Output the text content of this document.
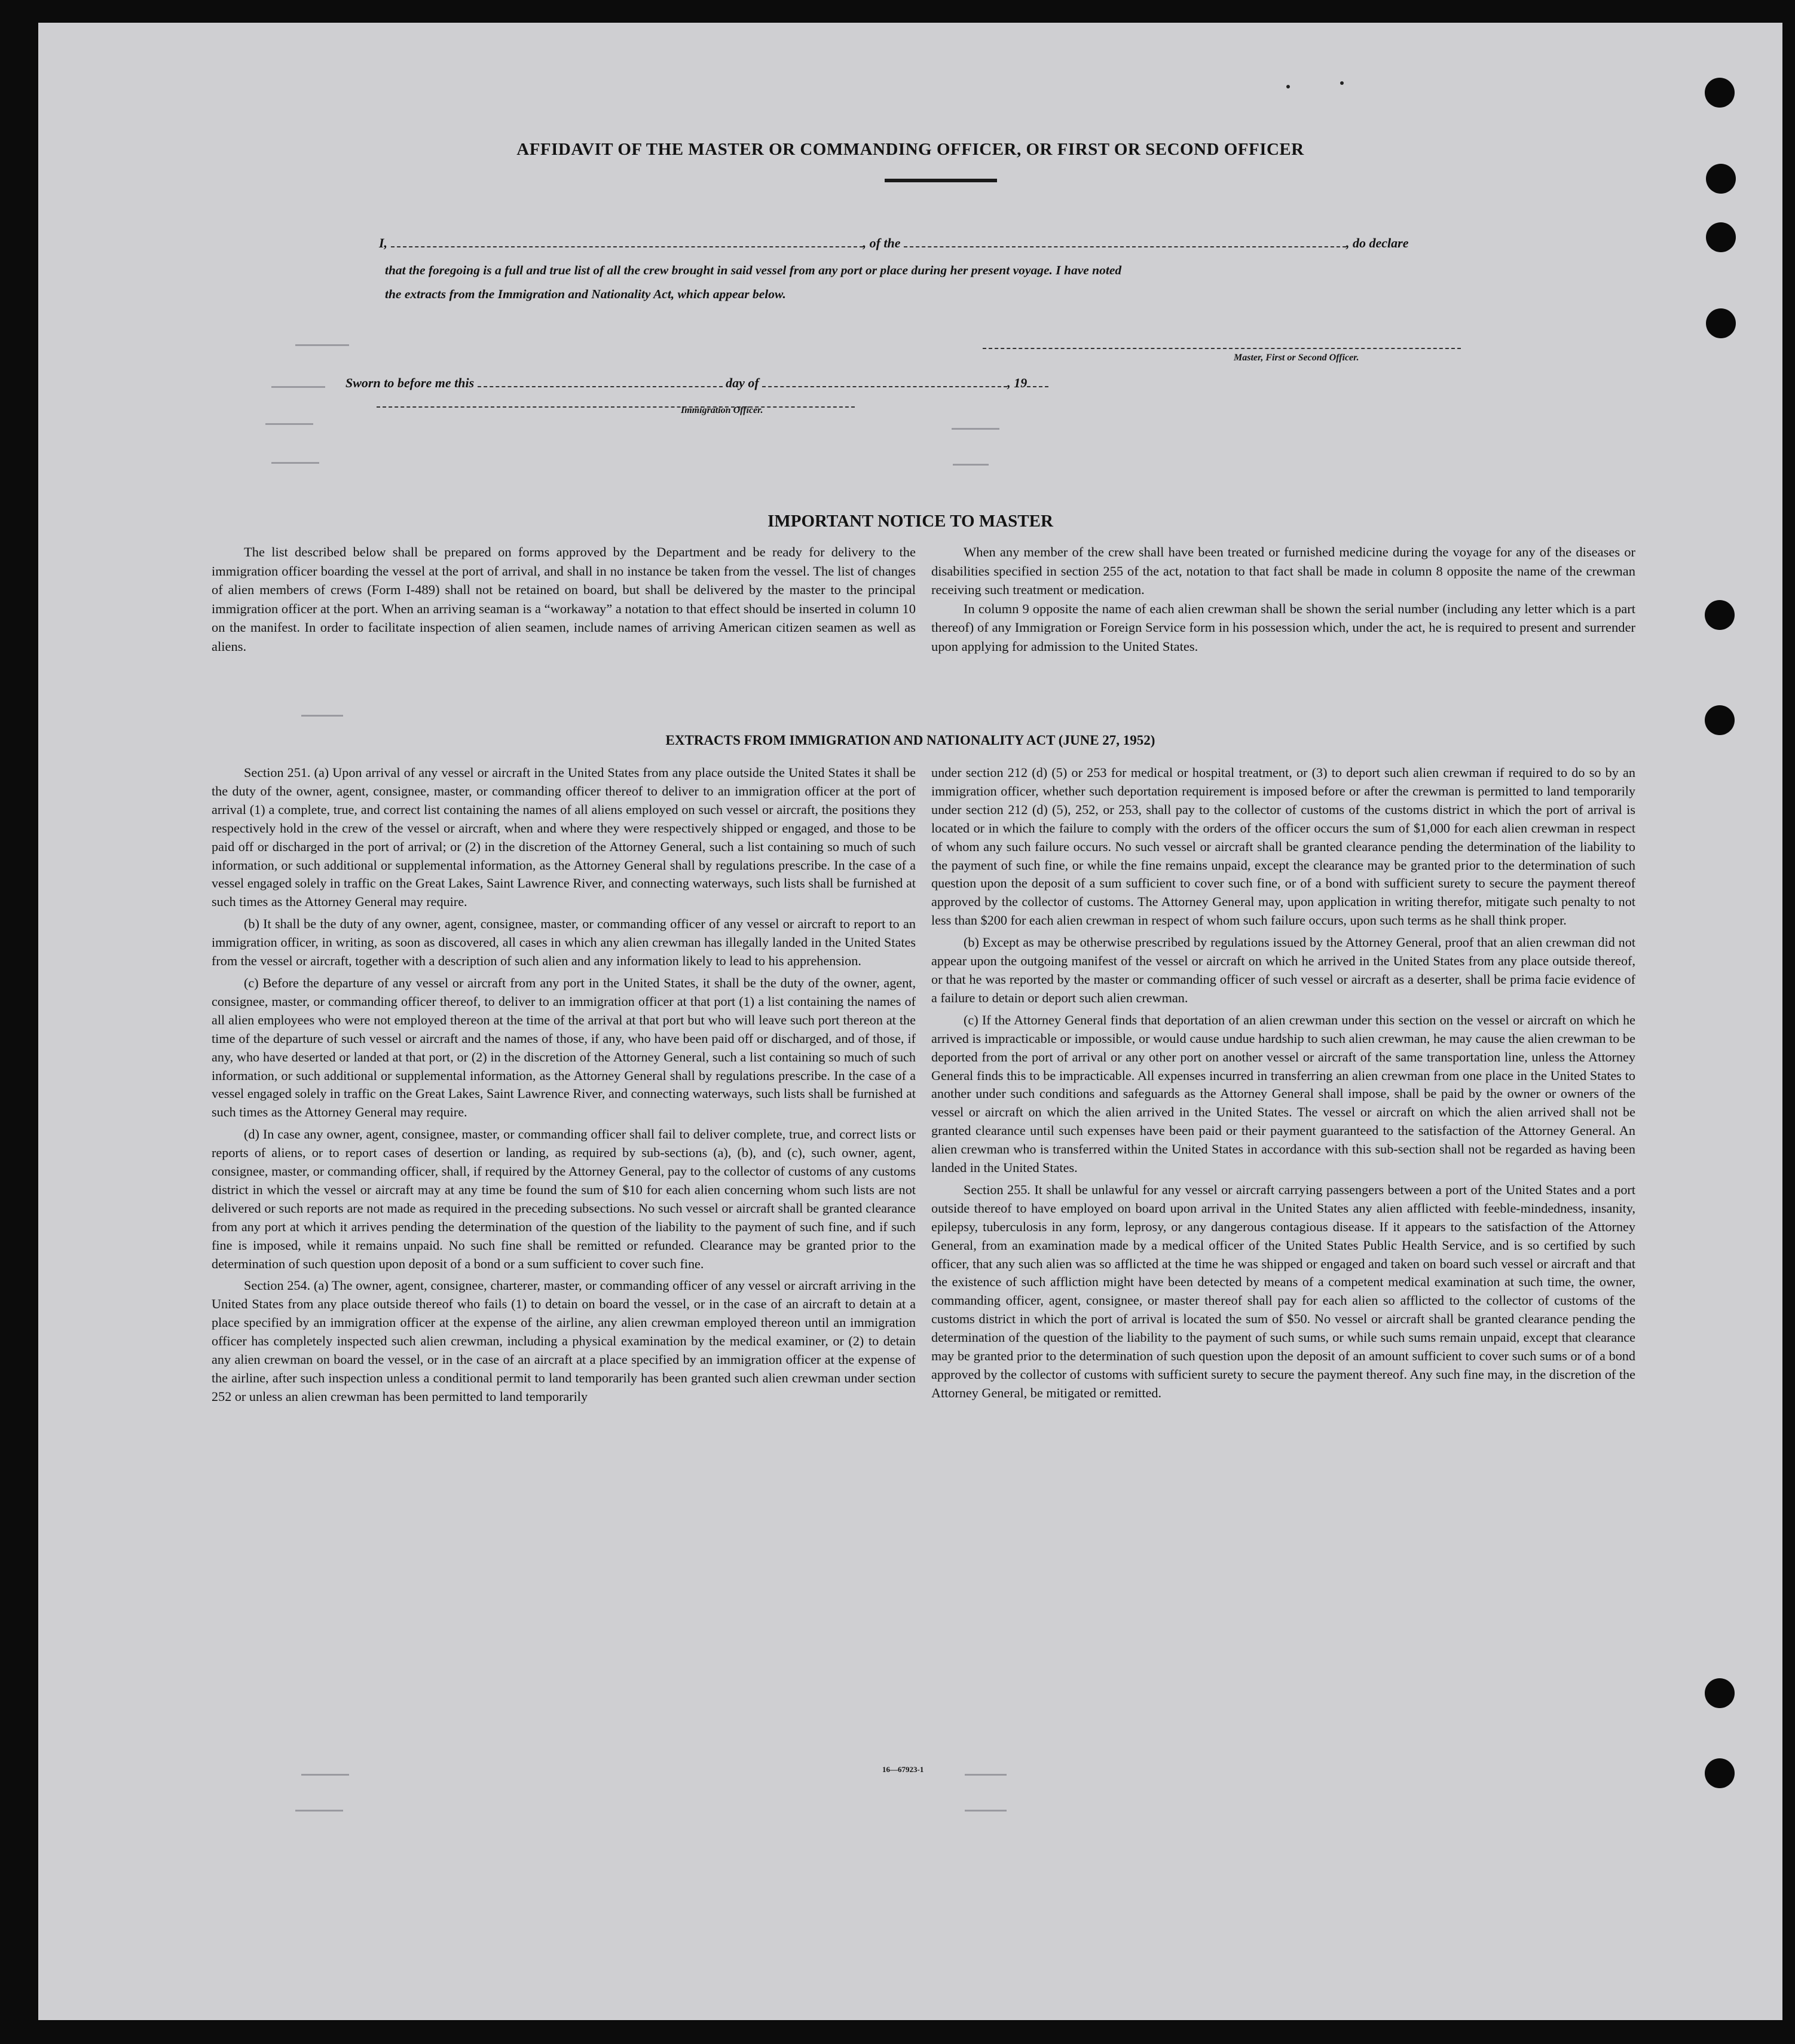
AFFIDAVIT OF THE MASTER OR COMMANDING OFFICER, OR FIRST OR SECOND OFFICER
I,	, of the	, do declare
that the foregoing is a full and true list of all the crew brought in said vessel from any port or place during her present voyage. I have noted
the extracts from the Immigration and Nationality Act, which appear below.
Master, First or Second Officer.
Sworn to before me this	day of	, 19
Immigration Officer.
IMPORTANT NOTICE TO MASTER

The list described below shall be prepared on forms approved by the Department and be ready for delivery to the immigration officer boarding the vessel at the port of arrival, and shall in no instance be taken from the vessel. The list of changes of alien members of crews (Form I-489) shall not be retained on board, but shall be delivered by the master to the principal immigration officer at the port. When an arriving seaman is a “workaway” a notation to that effect should be inserted in column 10 on the manifest. In order to facilitate inspection of alien seamen, include names of arriving American citizen seamen as well as aliens.

When any member of the crew shall have been treated or furnished medicine during the voyage for any of the diseases or disabilities specified in section 255 of the act, notation to that fact shall be made in column 8 opposite the name of the crewman receiving such treatment or medication.

In column 9 opposite the name of each alien crewman shall be shown the serial number (including any letter which is a part thereof) of any Immigration or Foreign Service form in his possession which, under the act, he is required to present and surrender upon applying for admission to the United States.

EXTRACTS FROM IMMIGRATION AND NATIONALITY ACT (JUNE 27, 1952)

Section 251. (a) Upon arrival of any vessel or aircraft in the United States from any place outside the United States it shall be the duty of the owner, agent, consignee, master, or commanding officer thereof to deliver to an immigration officer at the port of arrival (1) a complete, true, and correct list containing the names of all aliens employed on such vessel or aircraft, the positions they respectively hold in the crew of the vessel or aircraft, when and where they were respectively shipped or engaged, and those to be paid off or discharged in the port of arrival; or (2) in the discretion of the Attorney General, such a list containing so much of such information, or such additional or supplemental information, as the Attorney General shall by regulations prescribe. In the case of a vessel engaged solely in traffic on the Great Lakes, Saint Lawrence River, and connecting waterways, such lists shall be furnished at such times as the Attorney General may require.

(b) It shall be the duty of any owner, agent, consignee, master, or commanding officer of any vessel or aircraft to report to an immigration officer, in writing, as soon as discovered, all cases in which any alien crewman has illegally landed in the United States from the vessel or aircraft, together with a description of such alien and any information likely to lead to his apprehension.

(c) Before the departure of any vessel or aircraft from any port in the United States, it shall be the duty of the owner, agent, consignee, master, or commanding officer thereof, to deliver to an immigration officer at that port (1) a list containing the names of all alien employees who were not employed thereon at the time of the arrival at that port but who will leave such port thereon at the time of the departure of such vessel or aircraft and the names of those, if any, who have been paid off or discharged, and of those, if any, who have deserted or landed at that port, or (2) in the discretion of the Attorney General, such a list containing so much of such information, or such additional or supplemental information, as the Attorney General shall by regulations prescribe. In the case of a vessel engaged solely in traffic on the Great Lakes, Saint Lawrence River, and connecting waterways, such lists shall be furnished at such times as the Attorney General may require.

(d) In case any owner, agent, consignee, master, or commanding officer shall fail to deliver complete, true, and correct lists or reports of aliens, or to report cases of desertion or landing, as required by sub-sections (a), (b), and (c), such owner, agent, consignee, master, or commanding officer, shall, if required by the Attorney General, pay to the collector of customs of any customs district in which the vessel or aircraft may at any time be found the sum of $10 for each alien concerning whom such lists are not delivered or such reports are not made as required in the preceding subsections. No such vessel or aircraft shall be granted clearance from any port at which it arrives pending the determination of the question of the liability to the payment of such fine, and if such fine is imposed, while it remains unpaid. No such fine shall be remitted or refunded. Clearance may be granted prior to the determination of such question upon deposit of a bond or a sum sufficient to cover such fine.

Section 254. (a) The owner, agent, consignee, charterer, master, or commanding officer of any vessel or aircraft arriving in the United States from any place outside thereof who fails (1) to detain on board the vessel, or in the case of an aircraft to detain at a place specified by an immigration officer at the expense of the airline, any alien crewman employed thereon until an immigration officer has completely inspected such alien crewman, including a physical examination by the medical examiner, or (2) to detain any alien crewman on board the vessel, or in the case of an aircraft at a place specified by an immigration officer at the expense of the airline, after such inspection unless a conditional permit to land temporarily has been granted such alien crewman under section 252 or unless an alien crewman has been permitted to land temporarily

under section 212 (d) (5) or 253 for medical or hospital treatment, or (3) to deport such alien crewman if required to do so by an immigration officer, whether such deportation requirement is imposed before or after the crewman is permitted to land temporarily under section 212 (d) (5), 252, or 253, shall pay to the collector of customs of the customs district in which the port of arrival is located or in which the failure to comply with the orders of the officer occurs the sum of $1,000 for each alien crewman in respect of whom any such failure occurs. No such vessel or aircraft shall be granted clearance pending the determination of the liability to the payment of such fine, or while the fine remains unpaid, except the clearance may be granted prior to the determination of such question upon the deposit of a sum sufficient to cover such fine, or of a bond with sufficient surety to secure the payment thereof approved by the collector of customs. The Attorney General may, upon application in writing therefor, mitigate such penalty to not less than $200 for each alien crewman in respect of whom such failure occurs, upon such terms as he shall think proper.

(b) Except as may be otherwise prescribed by regulations issued by the Attorney General, proof that an alien crewman did not appear upon the outgoing manifest of the vessel or aircraft on which he arrived in the United States from any place outside thereof, or that he was reported by the master or commanding officer of such vessel or aircraft as a deserter, shall be prima facie evidence of a failure to detain or deport such alien crewman.

(c) If the Attorney General finds that deportation of an alien crewman under this section on the vessel or aircraft on which he arrived is impracticable or impossible, or would cause undue hardship to such alien crewman, he may cause the alien crewman to be deported from the port of arrival or any other port on another vessel or aircraft of the same transportation line, unless the Attorney General finds this to be impracticable. All expenses incurred in transferring an alien crewman from one place in the United States to another under such conditions and safeguards as the Attorney General shall impose, shall be paid by the owner or owners of the vessel or aircraft on which the alien arrived in the United States. The vessel or aircraft on which the alien arrived shall not be granted clearance until such expenses have been paid or their payment guaranteed to the satisfaction of the Attorney General. An alien crewman who is transferred within the United States in accordance with this sub-section shall not be regarded as having been landed in the United States.

Section 255. It shall be unlawful for any vessel or aircraft carrying passengers between a port of the United States and a port outside thereof to have employed on board upon arrival in the United States any alien afflicted with feeble-mindedness, insanity, epilepsy, tuberculosis in any form, leprosy, or any dangerous contagious disease. If it appears to the satisfaction of the Attorney General, from an examination made by a medical officer of the United States Public Health Service, and is so certified by such officer, that any such alien was so afflicted at the time he was shipped or engaged and taken on board such vessel or aircraft and that the existence of such affliction might have been detected by means of a competent medical examination at such time, the owner, commanding officer, agent, consignee, or master thereof shall pay for each alien so afflicted to the collector of customs of the customs district in which the port of arrival is located the sum of $50. No vessel or aircraft shall be granted clearance pending the determination of the question of the liability to the payment of such sums, or while such sums remain unpaid, except that clearance may be granted prior to the determination of such question upon the deposit of an amount sufficient to cover such sums or of a bond approved by the collector of customs with sufficient surety to secure the payment thereof. Any such fine may, in the discretion of the Attorney General, be mitigated or remitted.

16—67923-1
